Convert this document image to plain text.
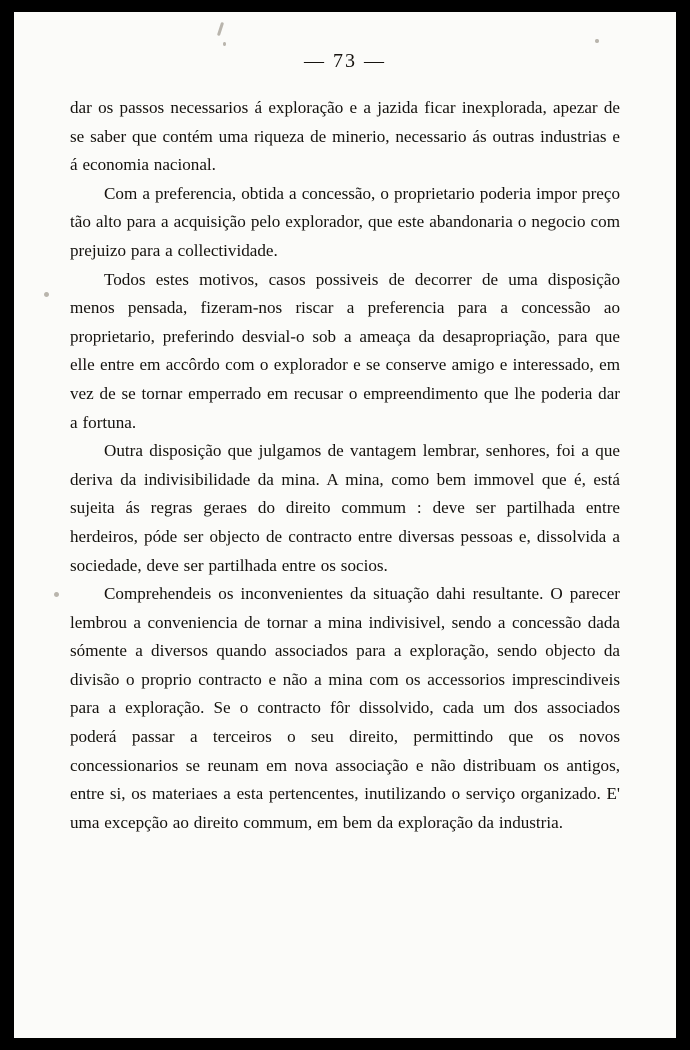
— 73 —

dar os passos necessarios á exploração e a jazida ficar inexplorada, apezar de se saber que contém uma riqueza de minerio, necessario ás outras industrias e á economia nacional.

Com a preferencia, obtida a concessão, o proprietario poderia impor preço tão alto para a acquisição pelo explorador, que este abandonaria o negocio com prejuizo para a collectividade.

Todos estes motivos, casos possiveis de decorrer de uma disposição menos pensada, fizeram-nos riscar a preferencia para a concessão ao proprietario, preferindo desvial-o sob a ameaça da desapropriação, para que elle entre em accôrdo com o explorador e se conserve amigo e interessado, em vez de se tornar emperrado em recusar o empreendimento que lhe poderia dar a fortuna.

Outra disposição que julgamos de vantagem lembrar, senhores, foi a que deriva da indivisibilidade da mina. A mina, como bem immovel que é, está sujeita ás regras geraes do direito commum : deve ser partilhada entre herdeiros, póde ser objecto de contracto entre diversas pessoas e, dissolvida a sociedade, deve ser partilhada entre os socios.

Comprehendeis os inconvenientes da situação dahi resultante. O parecer lembrou a conveniencia de tornar a mina indivisivel, sendo a concessão dada sómente a diversos quando associados para a exploração, sendo objecto da divisão o proprio contracto e não a mina com os accessorios imprescindiveis para a exploração. Se o contracto fôr dissolvido, cada um dos associados poderá passar a terceiros o seu direito, permittindo que os novos concessionarios se reunam em nova associação e não distribuam os antigos, entre si, os materiaes a esta pertencentes, inutilizando o serviço organizado. E' uma excepção ao direito commum, em bem da exploração da industria.
